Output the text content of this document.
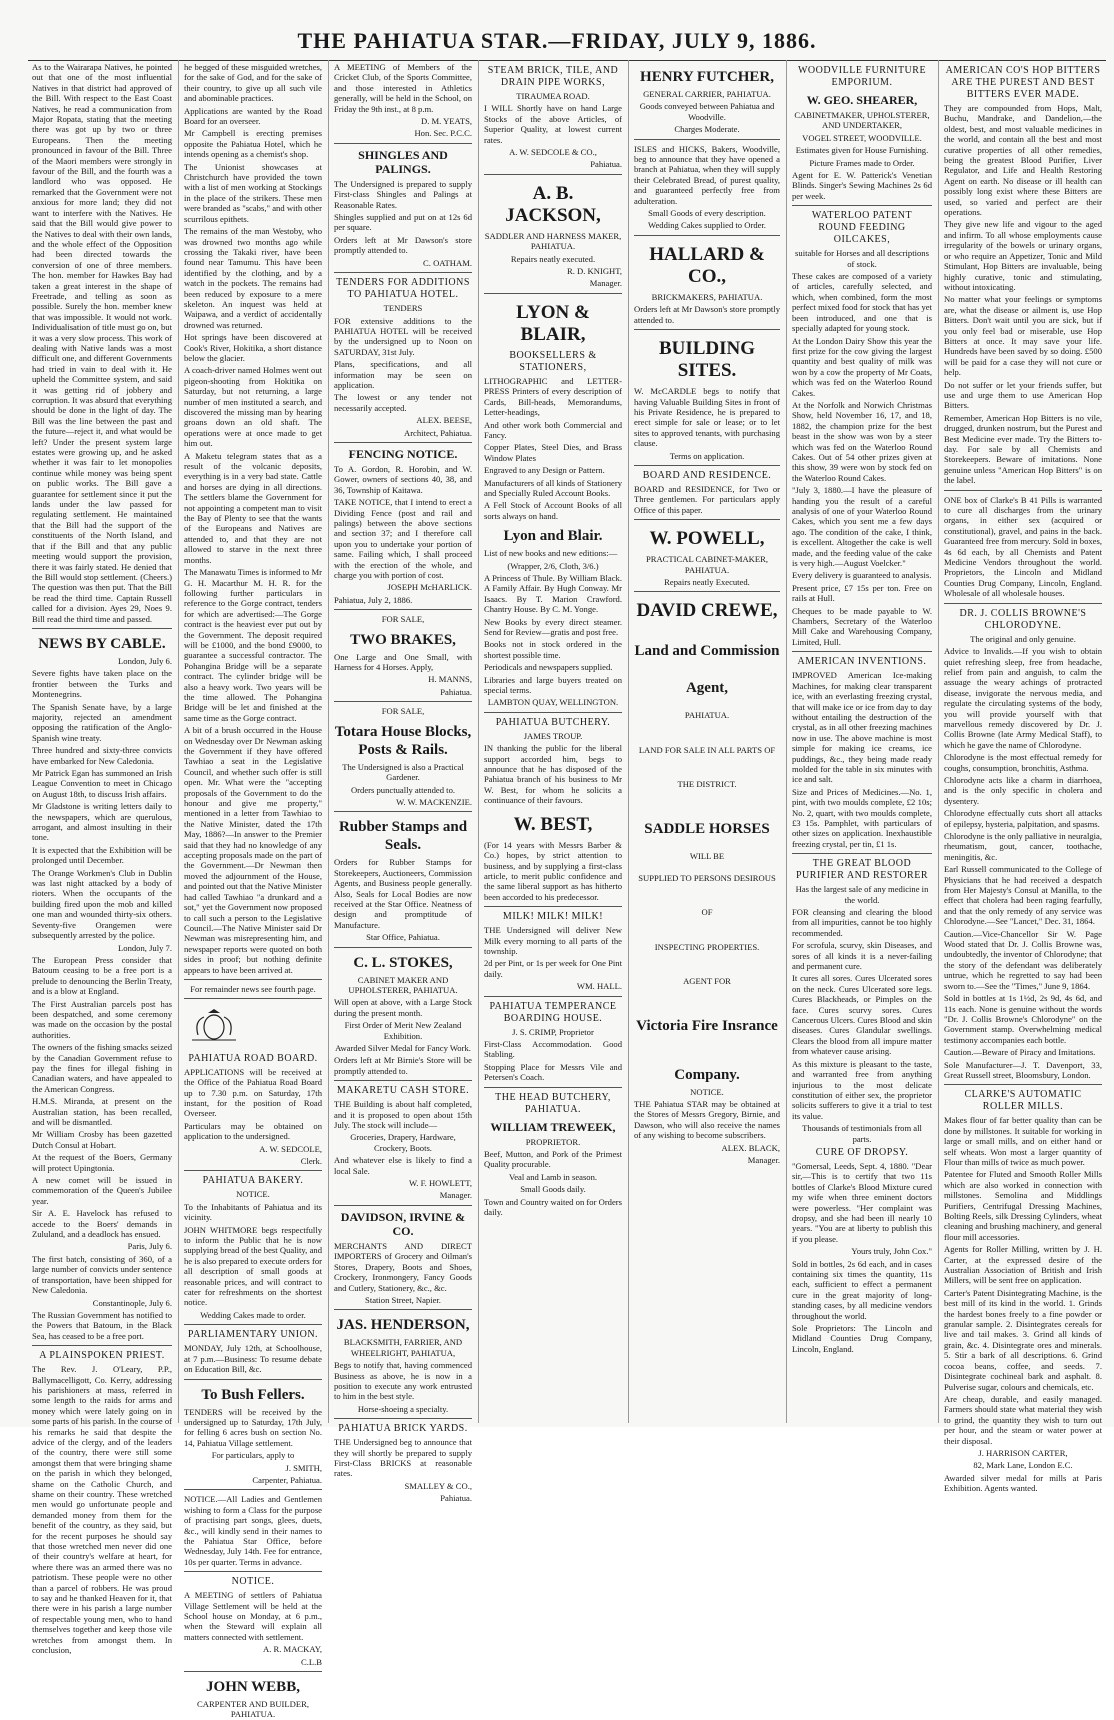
THE PAHIATUA STAR.—FRIDAY, JULY 9, 1886.

As to the Wairarapa Natives, he pointed out that one of the most influential Natives in that district had approved of the Bill. With respect to the East Coast Natives, he read a communication from Major Ropata, stating that the meeting there was got up by two or three Europeans. Then the meeting pronounced in favour of the Bill. Three of the Maori members were strongly in favour of the Bill, and the fourth was a landlord who was opposed. He remarked that the Government were not anxious for more land; they did not want to interfere with the Natives. He said that the Bill would give power to the Natives to deal with their own lands, and the whole effect of the Opposition had been directed towards the conversion of one of three members. The hon. member for Hawkes Bay had taken a great interest in the shape of Freetrade, and telling as soon as possible. Surely the hon. member knew that was impossible. It would not work. Individualisation of title must go on, but it was a very slow process. This work of dealing with Native lands was a most difficult one, and different Governments had tried in vain to deal with it. He upheld the Committee system, and said it was getting rid of jobbery and corruption. It was absurd that everything should be done in the light of day. The Bill was the line between the past and the future—reject it, and what would be left? Under the present system large estates were growing up, and he asked whether it was fair to let monopolies continue while money was being spent on public works. The Bill gave a guarantee for settlement since it put the lands under the law passed for regulating settlement. He maintained that the Bill had the support of the constituents of the North Island, and that if the Bill and that any public meeting would support the provision, there it was fairly stated. He denied that the Bill would stop settlement. (Cheers.) The question was then put. That the Bill be read the third time. Captain Russell called for a division. Ayes 29, Noes 9. Bill read the third time and passed.

NEWS BY CABLE.

London, July 6.

Severe fights have taken place on the frontier between the Turks and Montenegrins.

The Spanish Senate have, by a large majority, rejected an amendment opposing the ratification of the Anglo-Spanish wine treaty.

Three hundred and sixty-three convicts have embarked for New Caledonia.

Mr Patrick Egan has summoned an Irish League Convention to meet in Chicago on August 18th, to discuss Irish affairs.

Mr Gladstone is writing letters daily to the newspapers, which are querulous, arrogant, and almost insulting in their tone.

It is expected that the Exhibition will be prolonged until December.

The Orange Workmen's Club in Dublin was last night attacked by a body of rioters. When the occupants of the building fired upon the mob and killed one man and wounded thirty-six others. Seventy-five Orangemen were subsequently arrested by the police.

London, July 7.

The European Press consider that Batoum ceasing to be a free port is a prelude to denouncing the Berlin Treaty, and is a blow at England.

The First Australian parcels post has been despatched, and some ceremony was made on the occasion by the postal authorities.

The owners of the fishing smacks seized by the Canadian Government refuse to pay the fines for illegal fishing in Canadian waters, and have appealed to the American Congress.

H.M.S. Miranda, at present on the Australian station, has been recalled, and will be dismantled.

Mr William Crosby has been gazetted Dutch Consul at Hobart.

At the request of the Boers, Germany will protect Upingtonia.

A new comet will be issued in commemoration of the Queen's Jubilee year.

Sir A. E. Havelock has refused to accede to the Boers' demands in Zululand, and a deadlock has ensued.

Paris, July 6.

The first batch, consisting of 360, of a large number of convicts under sentence of transportation, have been shipped for New Caledonia.

Constantinople, July 6.

The Russian Government has notified to the Powers that Batoum, in the Black Sea, has ceased to be a free port.

A PLAINSPOKEN PRIEST.

The Rev. J. O'Leary, P.P., Ballymacelligott, Co. Kerry, addressing his parishioners at mass, referred in some length to the raids for arms and money which were lately going on in some parts of his parish. In the course of his remarks he said that despite the advice of the clergy, and of the leaders of the country, there were still some amongst them that were bringing shame on the parish in which they belonged, shame on the Catholic Church, and shame on their country. These wretched men would go unfortunate people and demanded money from them for the benefit of the country, as they said, but for the recent purposes he should say that those wretched men never did one of their country's welfare at heart, for where there was an armed there was no patriotism. These people were no other than a parcel of robbers. He was proud to say and he thanked Heaven for it, that there were in his parish a large number of respectable young men, who to hand themselves together and keep those vile wretches from amongst them. In conclusion,

he begged of these misguided wretches, for the sake of God, and for the sake of their country, to give up all such vile and abominable practices.

Applications are wanted by the Road Board for an overseer.

Mr Campbell is erecting premises opposite the Pahiatua Hotel, which he intends opening as a chemist's shop.

The Unionist showcases at Christchurch have provided the town with a list of men working at Stockings in the place of the strikers. These men were branded as "scabs," and with other scurrilous epithets.

The remains of the man Westoby, who was drowned two months ago while crossing the Takaki river, have been found near Tamumu. This have been identified by the clothing, and by a watch in the pockets. The remains had been reduced by exposure to a mere skeleton. An inquest was held at Waipawa, and a verdict of accidentally drowned was returned.

Hot springs have been discovered at Cook's River, Hokitika, a short distance below the glacier.

A coach-driver named Holmes went out pigeon-shooting from Hokitika on Saturday, but not returning, a large number of men instituted a search, and discovered the missing man by hearing groans down an old shaft. The operations were at once made to get him out.

A Maketu telegram states that as a result of the volcanic deposits, everything is in a very bad state. Cattle and horses are dying in all directions. The settlers blame the Government for not appointing a competent man to visit the Bay of Plenty to see that the wants of the Europeans and Natives are attended to, and that they are not allowed to starve in the next three months.

The Manawatu Times is informed to Mr G. H. Macarthur M. H. R. for the following further particulars in reference to the Gorge contract, tenders for which are advertised:—The Gorge contract is the heaviest ever put out by the Government. The deposit required will be £1000, and the bond £9000, to guarantee a successful contractor. The Pohangina Bridge will be a separate contract. The cylinder bridge will be also a heavy work. Two years will be the time allowed. The Pohangina Bridge will be let and finished at the same time as the Gorge contract.

A bit of a brush occurred in the House on Wednesday over Dr Newman asking the Government if they have offered Tawhiao a seat in the Legislative Council, and whether such offer is still open. Mr. What were the "accepting proposals of the Government to do the honour and give me property," mentioned in a letter from Tawhiao to the Native Minister, dated the 17th May, 1886?—In answer to the Premier said that they had no knowledge of any accepting proposals made on the part of the Government.—Dr Newman then moved the adjournment of the House, and pointed out that the Native Minister had called Tawhiao "a drunkard and a sot," yet the Government now proposed to call such a person to the Legislative Council.—The Native Minister said Dr Newman was misrepresenting him, and newspaper reports were quoted on both sides in proof; but nothing definite appears to have been arrived at.

For remainder news see fourth page.

PAHIATUA ROAD BOARD.

APPLICATIONS will be received at the Office of the Pahiatua Road Board up to 7.30 p.m. on Saturday, 17th instant, for the position of Road Overseer.

Particulars may be obtained on application to the undersigned.

A. W. SEDCOLE,

Clerk.

PAHIATUA BAKERY.

NOTICE.

To the Inhabitants of Pahiatua and its vicinity.

JOHN WHITMORE begs respectfully to inform the Public that he is now supplying bread of the best Quality, and he is also prepared to execute orders for all description of small goods at reasonable prices, and will contract to cater for refreshments on the shortest notice.

Wedding Cakes made to order.

PARLIAMENTARY UNION.

MONDAY, July 12th, at Schoolhouse, at 7 p.m.—Business: To resume debate on Education Bill, &c.

To Bush Fellers.

TENDERS will be received by the undersigned up to Saturday, 17th July, for felling 6 acres bush on section No. 14, Pahiatua Village settlement.

For particulars, apply to

J. SMITH,

Carpenter, Pahiatua.

NOTICE.—All Ladies and Gentlemen wishing to form a Class for the purpose of practising part songs, glees, duets, &c., will kindly send in their names to the Pahiatua Star Office, before Wednesday, July 14th. Fee for entrance, 10s per quarter. Terms in advance.

NOTICE.

A MEETING of settlers of Pahiatua Village Settlement will be held at the School house on Monday, at 6 p.m., when the Steward will explain all matters connected with settlement.

A. R. MACKAY,

C.L.B

JOHN WEBB,

CARPENTER AND BUILDER, PAHIATUA.

A MEETING of Members of the Cricket Club, of the Sports Committee, and those interested in Athletics generally, will be held in the School, on Friday the 9th inst., at 8 p.m.

D. M. YEATS,

Hon. Sec. P.C.C.

SHINGLES AND PALINGS.

The Undersigned is prepared to supply First-class Shingles and Palings at Reasonable Rates.

Shingles supplied and put on at 12s 6d per square.

Orders left at Mr Dawson's store promptly attended to.

C. OATHAM.

TENDERS FOR ADDITIONS TO PAHIATUA HOTEL.

TENDERS

FOR extensive additions to the PAHIATUA HOTEL will be received by the undersigned up to Noon on SATURDAY, 31st July.

Plans, specifications, and all information may be seen on application.

The lowest or any tender not necessarily accepted.

ALEX. BEESE,

Architect, Pahiatua.

FENCING NOTICE.

To A. Gordon, R. Horobin, and W. Gower, owners of sections 40, 38, and 36, Township of Kaitawa.

TAKE NOTICE, that I intend to erect a Dividing Fence (post and rail and palings) between the above sections and section 37; and I therefore call upon you to undertake your portion of same. Failing which, I shall proceed with the erection of the whole, and charge you with portion of cost.

JOSEPH McHARLICK.

Pahiatua, July 2, 1886.

FOR SALE,

TWO BRAKES,

One Large and One Small, with Harness for 4 Horses. Apply,

H. MANNS,

Pahiatua.

FOR SALE,

Totara House Blocks, Posts & Rails.

The Undersigned is also a Practical Gardener.

Orders punctually attended to.

W. W. MACKENZIE.

Rubber Stamps and Seals.

Orders for Rubber Stamps for Storekeepers, Auctioneers, Commission Agents, and Business people generally. Also, Seals for Local Bodies are now received at the Star Office. Neatness of design and promptitude of Manufacture.

Star Office, Pahiatua.

C. L. STOKES,

CABINET MAKER AND UPHOLSTERER, PAHIATUA.

Will open at above, with a Large Stock during the present month.

First Order of Merit New Zealand Exhibition.

Awarded Silver Medal for Fancy Work.

Orders left at Mr Birnie's Store will be promptly attended to.

MAKARETU CASH STORE.

THE Building is about half completed, and it is proposed to open about 15th July. The stock will include—

Groceries, Drapery, Hardware, Crockery, Boots.

And whatever else is likely to find a local Sale.

W. F. HOWLETT,

Manager.

DAVIDSON, IRVINE & CO.

MERCHANTS AND DIRECT IMPORTERS of Grocery and Oilman's Stores, Drapery, Boots and Shoes, Crockery, Ironmongery, Fancy Goods and Cutlery, Stationery, &c., &c.

Station Street, Napier.

JAS. HENDERSON,

BLACKSMITH, FARRIER, AND WHEELRIGHT, PAHIATUA,

Begs to notify that, having commenced Business as above, he is now in a position to execute any work entrusted to him in the best style.

Horse-shoeing a specialty.

PAHIATUA BRICK YARDS.

THE Undersigned beg to announce that they will shortly be prepared to supply First-Class BRICKS at reasonable rates.

SMALLEY & CO.,

Pahiatua.

STEAM BRICK, TILE, AND DRAIN PIPE WORKS,

TIRAUMEA ROAD.

I WILL Shortly have on hand Large Stocks of the above Articles, of Superior Quality, at lowest current rates.

A. W. SEDCOLE & CO.,

Pahiatua.

A. B. JACKSON,

SADDLER AND HARNESS MAKER, PAHIATUA.

Repairs neatly executed.

R. D. KNIGHT,

Manager.

LYON & BLAIR,
BOOKSELLERS & STATIONERS,

LITHOGRAPHIC and LETTER-PRESS Printers of every description of Cards, Bill-heads, Memorandums, Letter-headings,

And other work both Commercial and Fancy.

Copper Plates, Steel Dies, and Brass Window Plates

Engraved to any Design or Pattern.

Manufacturers of all kinds of Stationery and Specially Ruled Account Books.

A Fell Stock of Account Books of all sorts always on hand.

Lyon and Blair.

List of new books and new editions:—

(Wrapper, 2/6, Cloth, 3/6.)

A Princess of Thule. By William Black. A Family Affair. By Hugh Conway. Mr Isaacs. By T. Marion Crawford. Chantry House. By C. M. Yonge.

New Books by every direct steamer. Send for Review—gratis and post free.

Books not in stock ordered in the shortest possible time.

Periodicals and newspapers supplied.

Libraries and large buyers treated on special terms.

LAMBTON QUAY, WELLINGTON.

PAHIATUA BUTCHERY.

JAMES TROUP.

IN thanking the public for the liberal support accorded him, begs to announce that he has disposed of the Pahiatua branch of his business to Mr W. Best, for whom he solicits a continuance of their favours.

W. BEST,

(For 14 years with Messrs Barber & Co.) hopes, by strict attention to business, and by supplying a first-class article, to merit public confidence and the same liberal support as has hitherto been accorded to his predecessor.

MILK! MILK! MILK!

THE Undersigned will deliver New Milk every morning to all parts of the township.

2d per Pint, or 1s per week for One Pint daily.

WM. HALL.

PAHIATUA TEMPERANCE BOARDING HOUSE.

J. S. CRIMP, Proprietor

First-Class Accommodation. Good Stabling.

Stopping Place for Messrs Vile and Petersen's Coach.

THE HEAD BUTCHERY, PAHIATUA.
WILLIAM TREWEEK,

PROPRIETOR.

Beef, Mutton, and Pork of the Primest Quality procurable.

Veal and Lamb in season.

Small Goods daily.

Town and Country waited on for Orders daily.

HENRY FUTCHER,

GENERAL CARRIER, PAHIATUA.

Goods conveyed between Pahiatua and Woodville.

Charges Moderate.

ISLES and HICKS, Bakers, Woodville, beg to announce that they have opened a branch at Pahiatua, when they will supply their Celebrated Bread, of purest quality, and guaranteed perfectly free from adulteration.

Small Goods of every description.

Wedding Cakes supplied to Order.

HALLARD & CO.,

BRICKMAKERS, PAHIATUA.

Orders left at Mr Dawson's store promptly attended to.

BUILDING SITES.

W. McCARDLE begs to notify that having Valuable Building Sites in front of his Private Residence, he is prepared to erect simple for sale or lease; or to let sites to approved tenants, with purchasing clause.

Terms on application.

BOARD AND RESIDENCE.

BOARD and RESIDENCE, for Two or Three gentlemen. For particulars apply Office of this paper.

W. POWELL,

PRACTICAL CABINET-MAKER, PAHIATUA.

Repairs neatly Executed.

DAVID CREWE,
Land and Commission
Agent,

PAHIATUA.

LAND FOR SALE IN ALL PARTS OF

THE DISTRICT.

SADDLE HORSES

WILL BE

SUPPLIED TO PERSONS DESIROUS

OF

INSPECTING PROPERTIES.

AGENT FOR

Victoria Fire Insrance
Company.

NOTICE.

THE Pahiatua STAR may be obtained at the Stores of Messrs Gregory, Birnie, and Dawson, who will also receive the names of any wishing to become subscribers.

ALEX. BLACK,

Manager.

WOODVILLE FURNITURE EMPORIUM.
W. GEO. SHEARER,

CABINETMAKER, UPHOLSTERER, AND UNDERTAKER,

VOGEL STREET, WOODVILLE.

Estimates given for House Furnishing.

Picture Frames made to Order.

Agent for E. W. Patterick's Venetian Blinds. Singer's Sewing Machines 2s 6d per week.

WATERLOO PATENT ROUND FEEDING OILCAKES,

suitable for Horses and all descriptions of stock.

These cakes are composed of a variety of articles, carefully selected, and which, when combined, form the most perfect mixed food for stock that has yet been introduced, and one that is specially adapted for young stock.

At the London Dairy Show this year the first prize for the cow giving the largest quantity and best quality of milk was won by a cow the property of Mr Coats, which was fed on the Waterloo Round Cakes.

At the Norfolk and Norwich Christmas Show, held November 16, 17, and 18, 1882, the champion prize for the best beast in the show was won by a steer which was fed on the Waterloo Round Cakes. Out of 54 other prizes given at this show, 39 were won by stock fed on the Waterloo Round Cakes.

"July 3, 1880.—I have the pleasure of handing you the result of a careful analysis of one of your Waterloo Round Cakes, which you sent me a few days ago. The condition of the cake, I think, is excellent. Altogether the cake is well made, and the feeding value of the cake is very high.—August Voelcker."

Every delivery is guaranteed to analysis.

Present price, £7 15s per ton. Free on rails at Hull.

Cheques to be made payable to W. Chambers, Secretary of the Waterloo Mill Cake and Warehousing Company, Limited, Hull.

AMERICAN INVENTIONS.

IMPROVED American Ice-making Machines, for making clear transparent ice, with an everlasting freezing crystal, that will make ice or ice from day to day without entailing the destruction of the crystal, as in all other freezing machines now in use. The above machine is most simple for making ice creams, ice puddings, &c., they being made ready molded for the table in six minutes with ice and salt.

Size and Prices of Medicines.—No. 1, pint, with two moulds complete, £2 10s; No. 2, quart, with two moulds complete, £3 15s. Pamphlet, with particulars of other sizes on application. Inexhaustible freezing crystal, per tin, £1 1s.

THE GREAT BLOOD PURIFIER AND RESTORER

Has the largest sale of any medicine in the world.

FOR cleansing and clearing the blood from all impurities, cannot be too highly recommended.

For scrofula, scurvy, skin Diseases, and sores of all kinds it is a never-failing and permanent cure.

It cures all sores. Cures Ulcerated sores on the neck. Cures Ulcerated sore legs. Cures Blackheads, or Pimples on the face. Cures scurvy sores. Cures Cancerous Ulcers. Cures Blood and skin diseases. Cures Glandular swellings. Clears the blood from all impure matter from whatever cause arising.

As this mixture is pleasant to the taste, and warranted free from anything injurious to the most delicate constitution of either sex, the proprietor solicits sufferers to give it a trial to test its value.

Thousands of testimonials from all parts.

CURE OF DROPSY.

"Gomersal, Leeds, Sept. 4, 1880. "Dear sir,—This is to certify that two 11s bottles of Clarke's Blood Mixture cured my wife when three eminent doctors were powerless. "Her complaint was dropsy, and she had been ill nearly 10 years. "You are at liberty to publish this if you please.

Yours truly, John Cox."

Sold in bottles, 2s 6d each, and in cases containing six times the quantity, 11s each, sufficient to effect a permanent cure in the great majority of long-standing cases, by all medicine vendors throughout the world.

Sole Proprietors: The Lincoln and Midland Counties Drug Company, Lincoln, England.

AMERICAN CO'S HOP BITTERS ARE THE PUREST AND BEST BITTERS EVER MADE.

They are compounded from Hops, Malt, Buchu, Mandrake, and Dandelion,—the oldest, best, and most valuable medicines in the world, and contain all the best and most curative properties of all other remedies, being the greatest Blood Purifier, Liver Regulator, and Life and Health Restoring Agent on earth. No disease or ill health can possibly long exist where these Bitters are used, so varied and perfect are their operations.

They give new life and vigour to the aged and infirm. To all whose employments cause irregularity of the bowels or urinary organs, or who require an Appetizer, Tonic and Mild Stimulant, Hop Bitters are invaluable, being highly curative, tonic and stimulating, without intoxicating.

No matter what your feelings or symptoms are, what the disease or ailment is, use Hop Bitters. Don't wait until you are sick, but if you only feel bad or miserable, use Hop Bitters at once. It may save your life. Hundreds have been saved by so doing. £500 will be paid for a case they will not cure or help.

Do not suffer or let your friends suffer, but use and urge them to use American Hop Bitters.

Remember, American Hop Bitters is no vile, drugged, drunken nostrum, but the Purest and Best Medicine ever made. Try the Bitters to-day. For sale by all Chemists and Storekeepers. Beware of imitations. None genuine unless "American Hop Bitters" is on the label.

ONE box of Clarke's B 41 Pills is warranted to cure all discharges from the urinary organs, in either sex (acquired or constitutional), gravel, and pains in the back. Guaranteed free from mercury. Sold in boxes, 4s 6d each, by all Chemists and Patent Medicine Vendors throughout the world. Proprietors, the Lincoln and Midland Counties Drug Company, Lincoln, England. Wholesale of all wholesale houses.

DR. J. COLLIS BROWNE'S CHLORODYNE.

The original and only genuine.

Advice to Invalids.—If you wish to obtain quiet refreshing sleep, free from headache, relief from pain and anguish, to calm the assuage the weary achings of protracted disease, invigorate the nervous media, and regulate the circulating systems of the body, you will provide yourself with that marvellous remedy discovered by Dr. J. Collis Browne (late Army Medical Staff), to which he gave the name of Chlorodyne.

Chlorodyne is the most effectual remedy for coughs, consumption, bronchitis, Asthma.

Chlorodyne acts like a charm in diarrhoea, and is the only specific in cholera and dysentery.

Chlorodyne effectually cuts short all attacks of epilepsy, hysteria, palpitation, and spasms.

Chlorodyne is the only palliative in neuralgia, rheumatism, gout, cancer, toothache, meningitis, &c.

Earl Russell communicated to the College of Physicians that he had received a despatch from Her Majesty's Consul at Manilla, to the effect that cholera had been raging fearfully, and that the only remedy of any service was Chlorodyne.—See "Lancet," Dec. 31, 1864.

Caution.—Vice-Chancellor Sir W. Page Wood stated that Dr. J. Collis Browne was, undoubtedly, the inventor of Chlorodyne; that the story of the defendant was deliberately untrue, which he regretted to say had been sworn to.—See the "Times," June 9, 1864.

Sold in bottles at 1s 1½d, 2s 9d, 4s 6d, and 11s each. None is genuine without the words "Dr. J. Collis Browne's Chlorodyne" on the Government stamp. Overwhelming medical testimony accompanies each bottle.

Caution.—Beware of Piracy and Imitations.

Sole Manufacturer—J. T. Davenport, 33, Great Russell street, Bloomsbury, London.

CLARKE'S AUTOMATIC ROLLER MILLS.

Makes flour of far better quality than can be done by millstones. It suitable for working in large or small mills, and on either hand or self wheats. Won most a larger quantity of Flour than mills of twice as much power.

Patentee for Fluted and Smooth Roller Mills which are also worked in connection with millstones. Semolina and Middlings Purifiers, Centrifugal Dressing Machines, Bolting Reels, silk Dressing Cylinders, wheat cleaning and brushing machinery, and general flour mill accessories.

Agents for Roller Milling, written by J. H. Carter, at the expressed desire of the Australian Association of British and Irish Millers, will be sent free on application.

Carter's Patent Disintegrating Machine, is the best mill of its kind in the world. 1. Grinds the hardest bones freely to a fine powder or granular sample. 2. Disintegrates cereals for live and tail makes. 3. Grind all kinds of grain, &c. 4. Disintegrate ores and minerals. 5. Stir a bark of all descriptions. 6. Grind cocoa beans, coffee, and seeds. 7. Disintegrate cochineal bark and asphalt. 8. Pulverise sugar, colours and chemicals, etc.

Are cheap, durable, and easily managed. Farmers should state what material they wish to grind, the quantity they wish to turn out per hour, and the steam or water power at their disposal.

J. HARRISON CARTER,

82, Mark Lane, London E.C.

Awarded silver medal for mills at Paris Exhibition. Agents wanted.
